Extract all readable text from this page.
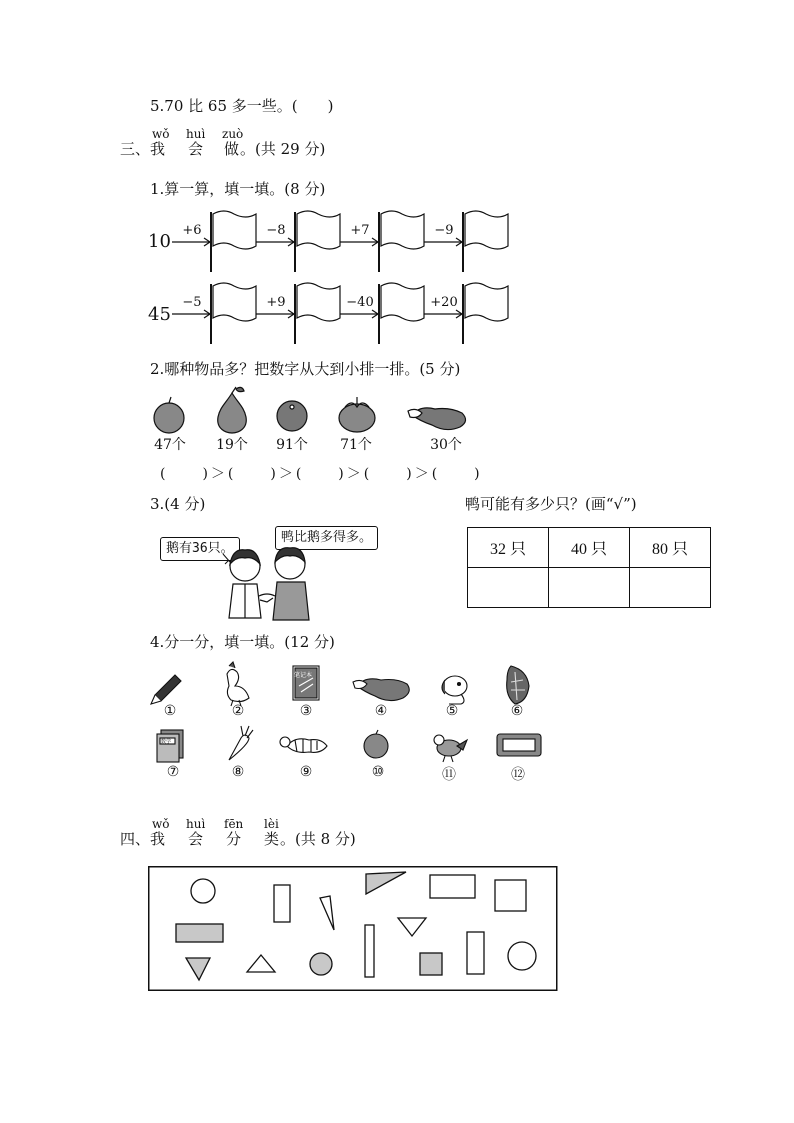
5.70 比 65 多一些。(　　)
wǒ huì zuò
三、 我 会 做 。(共 29 分)
1.算一算，填一填。(8 分)
10
+6	−8	+7	−9
45
−5	+9	−40	+20
2.哪种物品多？把数字从大到小排一排。(5 分)
47个	19个	91个	71个	30个
(　　)＞(　　)＞(　　)＞(　　)＞(　　)
3.(4 分)	鸭可能有多少只？(画“√”)
鹅有36只。
鸭比鹅多得多。
32 只	40 只	80 只

4.分一分，填一填。(12 分)
笔记本
数学
①	②	③	④	⑤	⑥
⑦	⑧	⑨	⑩	⑪	⑫
wǒ huì fēn lèi
四、 我 会 分 类 。(共 8 分)
